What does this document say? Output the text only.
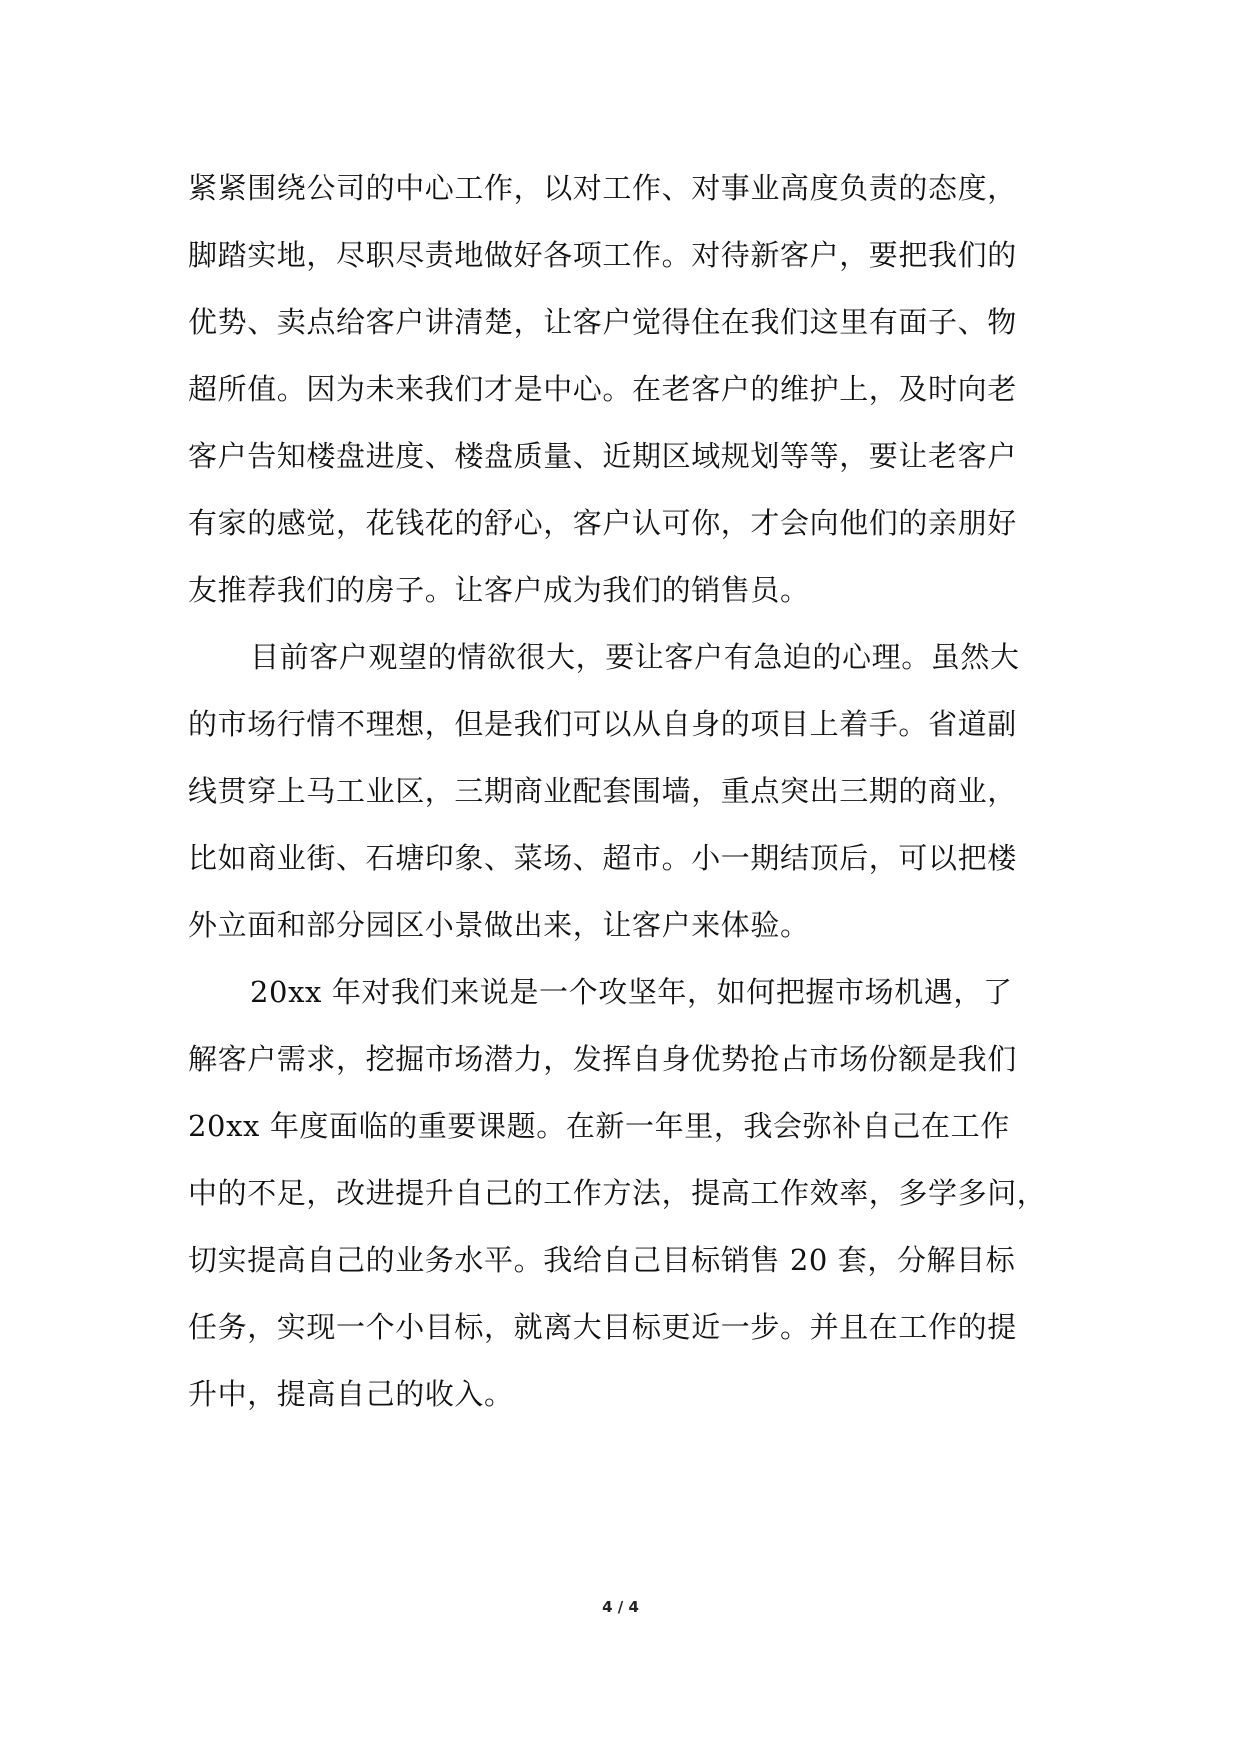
紧紧围绕公司的中心工作，以对工作、对事业高度负责的态度，
脚踏实地，尽职尽责地做好各项工作。对待新客户，要把我们的
优势、卖点给客户讲清楚，让客户觉得住在我们这里有面子、物
超所值。因为未来我们才是中心。在老客户的维护上，及时向老
客户告知楼盘进度、楼盘质量、近期区域规划等等，要让老客户
有家的感觉，花钱花的舒心，客户认可你，才会向他们的亲朋好
友推荐我们的房子。让客户成为我们的销售员。
目前客户观望的情欲很大，要让客户有急迫的心理。虽然大
的市场行情不理想，但是我们可以从自身的项目上着手。省道副
线贯穿上马工业区，三期商业配套围墙，重点突出三期的商业，
比如商业街、石塘印象、菜场、超市。小一期结顶后，可以把楼
外立面和部分园区小景做出来，让客户来体验。
20xx 年对我们来说是一个攻坚年，如何把握市场机遇，了
解客户需求，挖掘市场潜力，发挥自身优势抢占市场份额是我们
20xx 年度面临的重要课题。在新一年里，我会弥补自己在工作
中的不足，改进提升自己的工作方法，提高工作效率，多学多问，
切实提高自己的业务水平。我给自己目标销售 20 套，分解目标
任务，实现一个小目标，就离大目标更近一步。并且在工作的提
升中，提高自己的收入。
4 / 4
